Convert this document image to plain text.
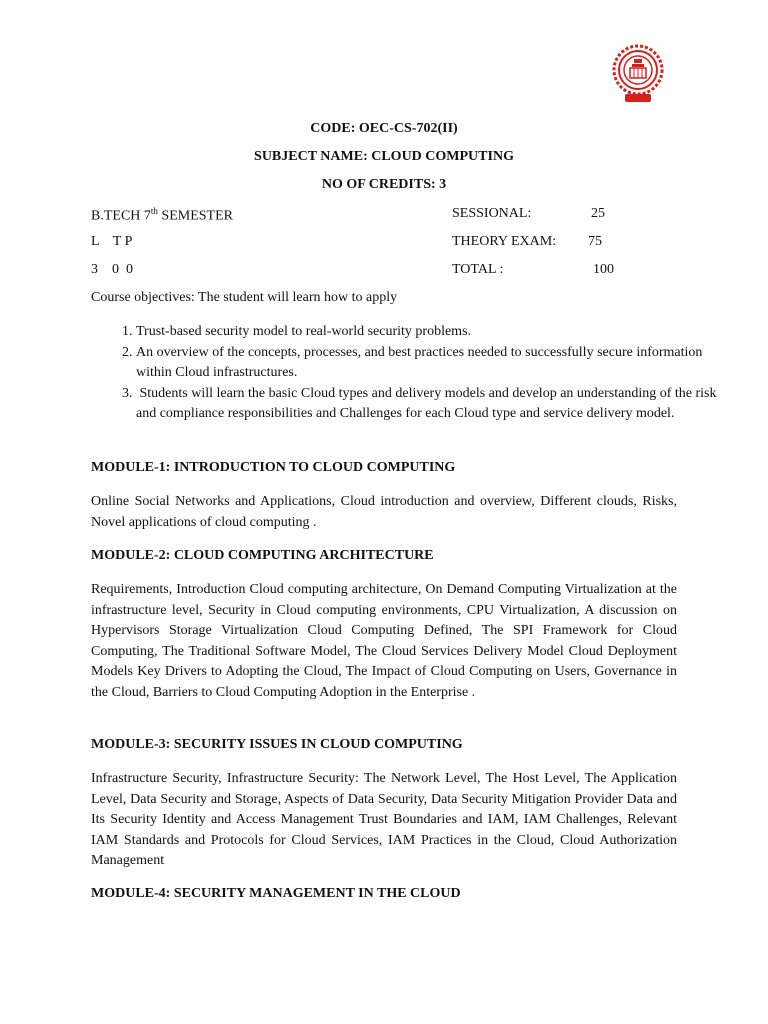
CODE: OEC-CS-702(II)
SUBJECT NAME: CLOUD COMPUTING
NO OF CREDITS: 3
B.TECH 7th SEMESTER	SESSIONAL:	25
L    T P	THEORY EXAM: 75
3    0  0	TOTAL :	100
Course objectives: The student will learn how to apply
1. Trust-based security model to real-world security problems.
2. An overview of the concepts, processes, and best practices needed to successfully secure information within Cloud infrastructures.
3.  Students will learn the basic Cloud types and delivery models and develop an understanding of the risk and compliance responsibilities and Challenges for each Cloud type and service delivery model.
MODULE-1: INTRODUCTION TO CLOUD COMPUTING

Online Social Networks and Applications, Cloud introduction and overview, Different clouds, Risks, Novel applications of cloud computing .

MODULE-2: CLOUD COMPUTING ARCHITECTURE

Requirements, Introduction Cloud computing architecture, On Demand Computing Virtualization at the infrastructure level, Security in Cloud computing environments, CPU Virtualization, A discussion on Hypervisors Storage Virtualization Cloud Computing Defined, The SPI Framework for Cloud Computing, The Traditional Software Model, The Cloud Services Delivery Model Cloud Deployment Models Key Drivers to Adopting the Cloud, The Impact of Cloud Computing on Users, Governance in the Cloud, Barriers to Cloud Computing Adoption in the Enterprise .

MODULE-3: SECURITY ISSUES IN CLOUD COMPUTING

Infrastructure Security, Infrastructure Security: The Network Level, The Host Level, The Application Level, Data Security and Storage, Aspects of Data Security, Data Security Mitigation Provider Data and Its Security Identity and Access Management Trust Boundaries and IAM, IAM Challenges, Relevant IAM Standards and Protocols for Cloud Services, IAM Practices in the Cloud, Cloud Authorization Management

MODULE-4: SECURITY MANAGEMENT IN THE CLOUD
